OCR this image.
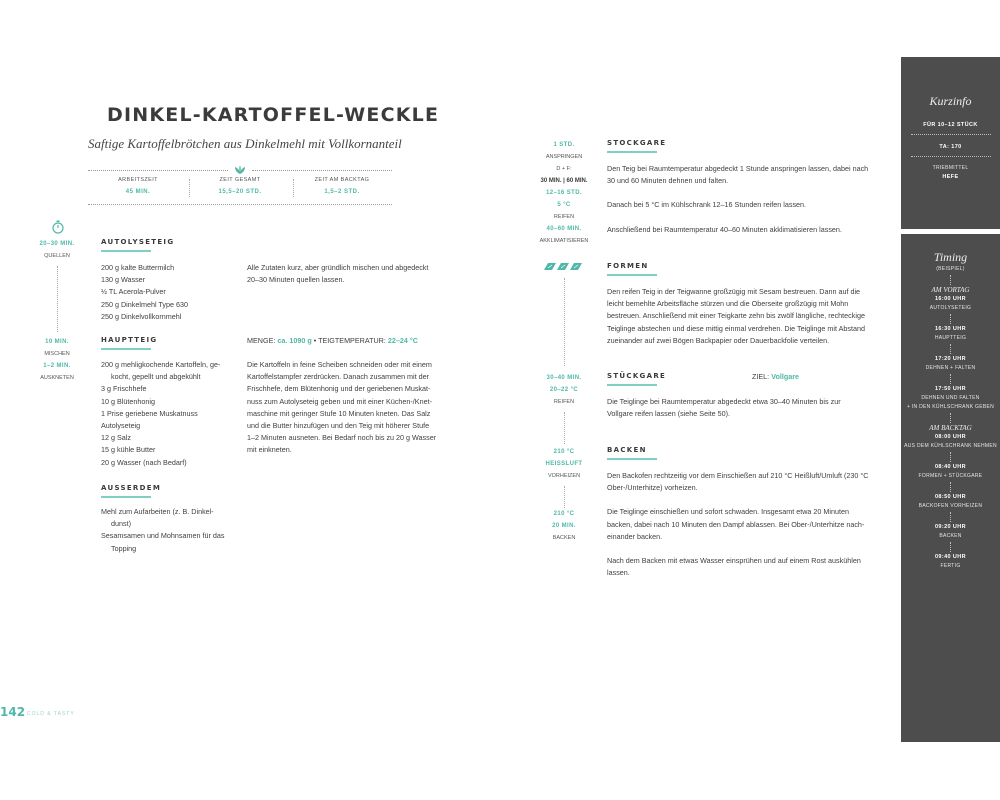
DINKEL-KARTOFFEL-WECKLE
Saftige Kartoffelbrötchen aus Dinkelmehl mit Vollkornanteil
ARBEITSZEIT
45 MIN.
ZEIT GESAMT
15,5–20 STD.
ZEIT AM BACKTAG
1,5–2 STD.
20–30 MIN.
QUELLEN
10 MIN.
MISCHEN
1–2 MIN.
AUSKNETEN
AUTOLYSETEIG
200 g kalte Buttermilch
130 g Wasser
½ TL Acerola-Pulver
250 g Dinkelmehl Type 630
250 g Dinkelvollkornmehl
Alle Zutaten kurz, aber gründlich mischen und abgedeckt
20–30 Minuten quellen lassen.
HAUPTTEIG	MENGE: ca. 1090 g • TEIGTEMPERATUR: 22–24 °C
200 g mehligkochende Kartoffeln, ge-
kocht, gepellt und abgekühlt
3 g Frischhefe
10 g Blütenhonig
1 Prise geriebene Muskatnuss
Autolyseteig
12 g Salz
15 g kühle Butter
20 g Wasser (nach Bedarf)
Die Kartoffeln in feine Scheiben schneiden oder mit einem
Kartoffelstampfer zerdrücken. Danach zusammen mit der
Frischhefe, dem Blütenhonig und der geriebenen Muskat-
nuss zum Autolyseteig geben und mit einer Küchen-/Knet-
maschine mit geringer Stufe 10 Minuten kneten. Das Salz
und die Butter hinzufügen und den Teig mit höherer Stufe
1–2 Minuten ausneten. Bei Bedarf noch bis zu 20 g Wasser
mit einkneten.
AUSSERDEM
Mehl zum Aufarbeiten (z. B. Dinkel-
dunst)
Sesamsamen und Mohnsamen für das
Topping
1 STD.
ANSPRINGEN
D + F:
30 MIN. | 60 MIN.
12–16 STD.
5 °C
REIFEN
40–60 MIN.
AKKLIMATISIEREN
30–40 MIN.
20–22 °C
REIFEN
210 °C
HEISSLUFT
VORHEIZEN
210 °C
20 MIN.
BACKEN
STOCKGARE
Den Teig bei Raumtemperatur abgedeckt 1 Stunde anspringen lassen, dabei nach
30 und 60 Minuten dehnen und falten.
Danach bei 5 °C im Kühlschrank 12–16 Stunden reifen lassen.
Anschließend bei Raumtemperatur 40–60 Minuten akklimatisieren lassen.
FORMEN
Den reifen Teig in der Teigwanne großzügig mit Sesam bestreuen. Dann auf die
leicht bemehlte Arbeitsfläche stürzen und die Oberseite großzügig mit Mohn
bestreuen. Anschließend mit einer Teigkarte zehn bis zwölf längliche, rechteckige
Teiglinge abstechen und diese mittig einmal verdrehen. Die Teiglinge mit Abstand
zueinander auf zwei Bögen Backpapier oder Dauerbackfolie verteilen.
STÜCKGARE	ZIEL: Vollgare
Die Teiglinge bei Raumtemperatur abgedeckt etwa 30–40 Minuten bis zur
Vollgare reifen lassen (siehe Seite 50).
BACKEN
Den Backofen rechtzeitig vor dem Einschießen auf 210 °C Heißluft/Umluft (230 °C
Ober-/Unterhitze) vorheizen.
Die Teiglinge einschießen und sofort schwaden. Insgesamt etwa 20 Minuten
backen, dabei nach 10 Minuten den Dampf ablassen. Bei Ober-/Unterhitze nach-
einander backen.
Nach dem Backen mit etwas Wasser einsprühen und auf einem Rost auskühlen
lassen.
Kurzinfo
FÜR 10–12 STÜCK
TA: 170
TRIEBMITTEL
HEFE
Timing
(BEISPIEL)
AM VORTAG
16:00 UHR
AUTOLYSETEIG
16:30 UHR
HAUPTTEIG
17:20 UHR
DEHNEN + FALTEN
17:50 UHR
DEHNEN UND FALTEN
+ IN DEN KÜHLSCHRANK GEBEN
AM BACKTAG
08:00 UHR
AUS DEM KÜHLSCHRANK NEHMEN
08:40 UHR
FORMEN + STÜCKGARE
08:50 UHR
BACKOFEN VORHEIZEN
09:20 UHR
BACKEN
09:40 UHR
FERTIG
142 COLD & TASTY
